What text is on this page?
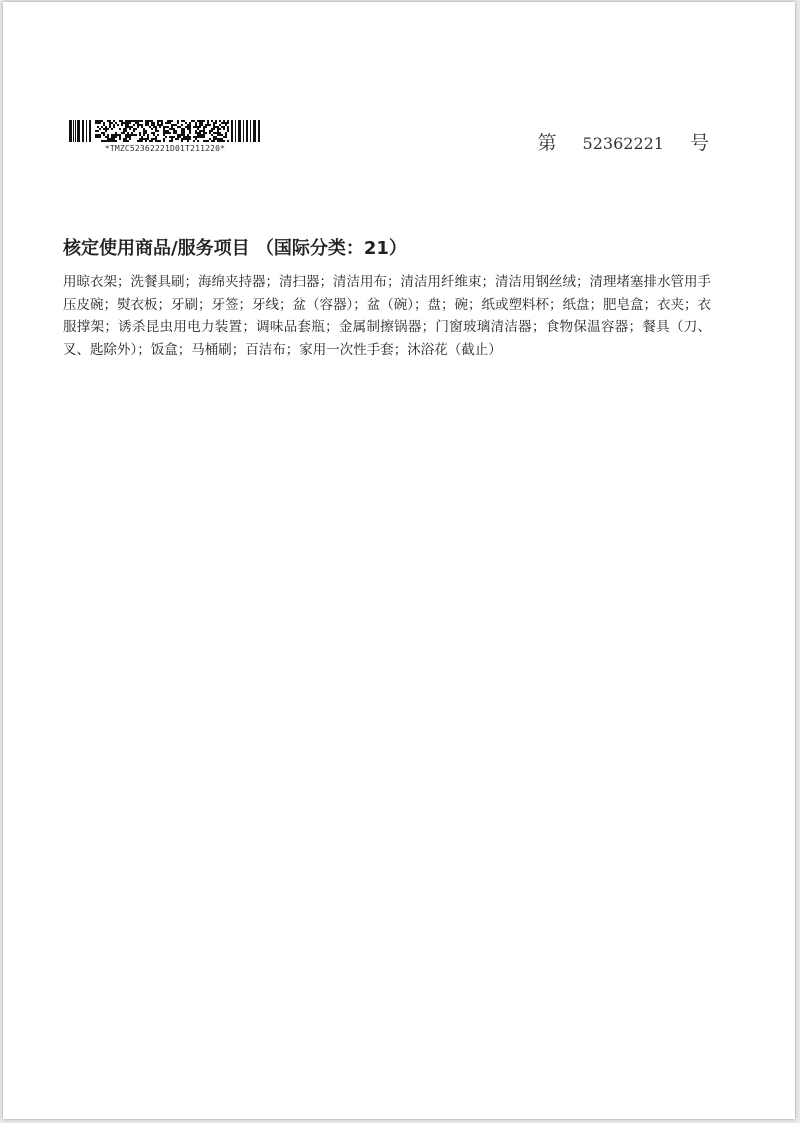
*TMZC52362221D01T211220*	第 52362221 号
核定使用商品/服务项目 （国际分类：21）
用晾衣架；洗餐具刷；海绵夹持器；清扫器；清洁用布；清洁用纤维束；清洁用钢丝绒；清理堵塞排水管用手压皮碗；熨衣板；牙刷；牙签；牙线；盆（容器）；盆（碗）；盘；碗；纸或塑料杯；纸盘；肥皂盒；衣夹；衣服撑架；诱杀昆虫用电力装置；调味品套瓶；金属制擦锅器；门窗玻璃清洁器；食物保温容器；餐具（刀、叉、匙除外）；饭盒；马桶刷；百洁布；家用一次性手套；沐浴花（截止）
